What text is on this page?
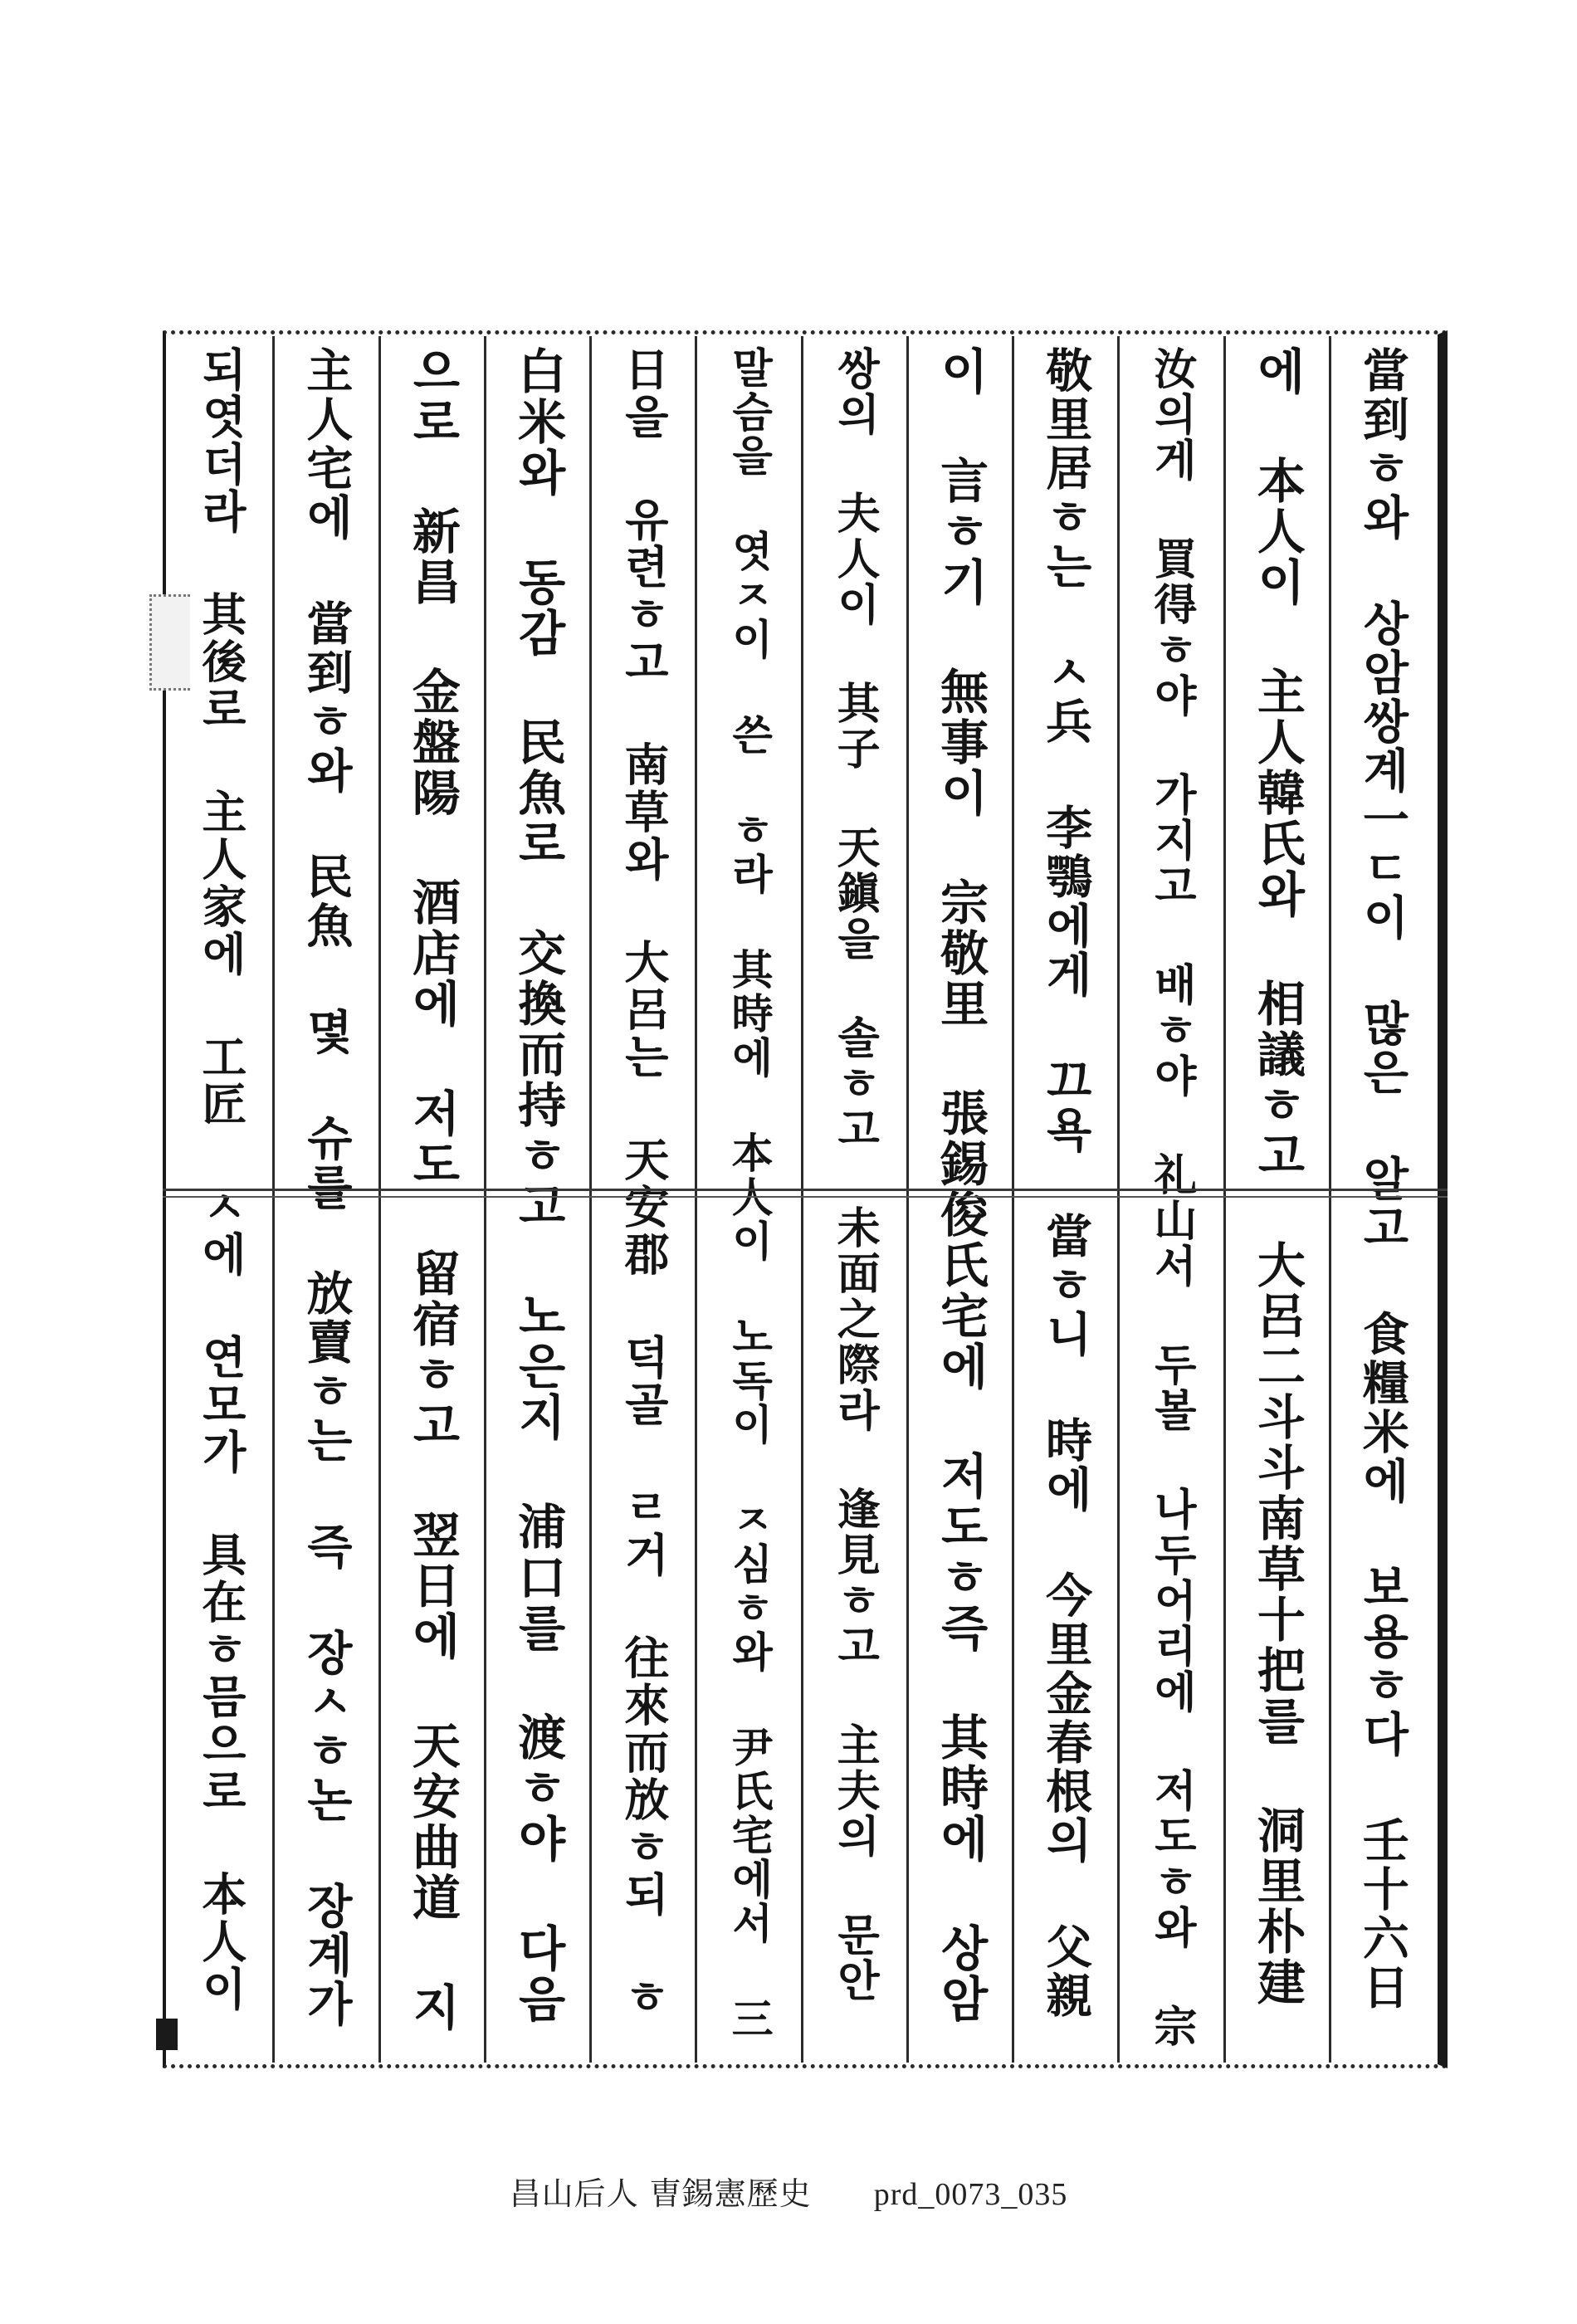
當到ㅎ와 상암쌍계一ㄷ이 많은 알고 食糧米에 보용ㅎ다 壬十六日
에 本人이 主人韓氏와 相議ㅎ고 大呂二斗斗南草十把를 洞里朴建
汝의게 買得ㅎ야 가지고 배ㅎ야 礼山서 두볼 나두어리에 저도ㅎ와 宗
敬里居ㅎ는 ㅅ兵 李鶚에게 끄욕 當ㅎ니 時에 今里金春根의 父親
이 言ㅎ기 無事이 宗敬里 張錫俊氏宅에 저도ㅎ즉 其時에 상암
쌍의 夫人이 其子 天鎭을 솔ㅎ고 未面之際라 逢見ㅎ고 主夫의 문안
말슴을 엿ㅈ이 쓴 ㅎ라 其時에 本人이 노독이 ㅈ심ㅎ와 尹氏宅에서 三
日을 유련ㅎ고 南草와 大呂는 天安郡 덕골 ㄹ거 往來而放ㅎ되 ㅎ
白米와 동감 民魚로 交換而持ㅎ고 노은지 浦口를 渡ㅎ야 다음
으로 新昌 金盤陽 酒店에 저도 留宿ㅎ고 翌日에 天安曲道 지
主人宅에 當到ㅎ와 民魚 몇 슈를 放賣ㅎ는 즉 장ㅅㅎ논 장계가
되엿더라 其後로 主人家에 工匠 ㅅ에 연모가 具在ㅎ믐으로 本人이
昌山后人 曺錫憲歷史 prd_0073_035
